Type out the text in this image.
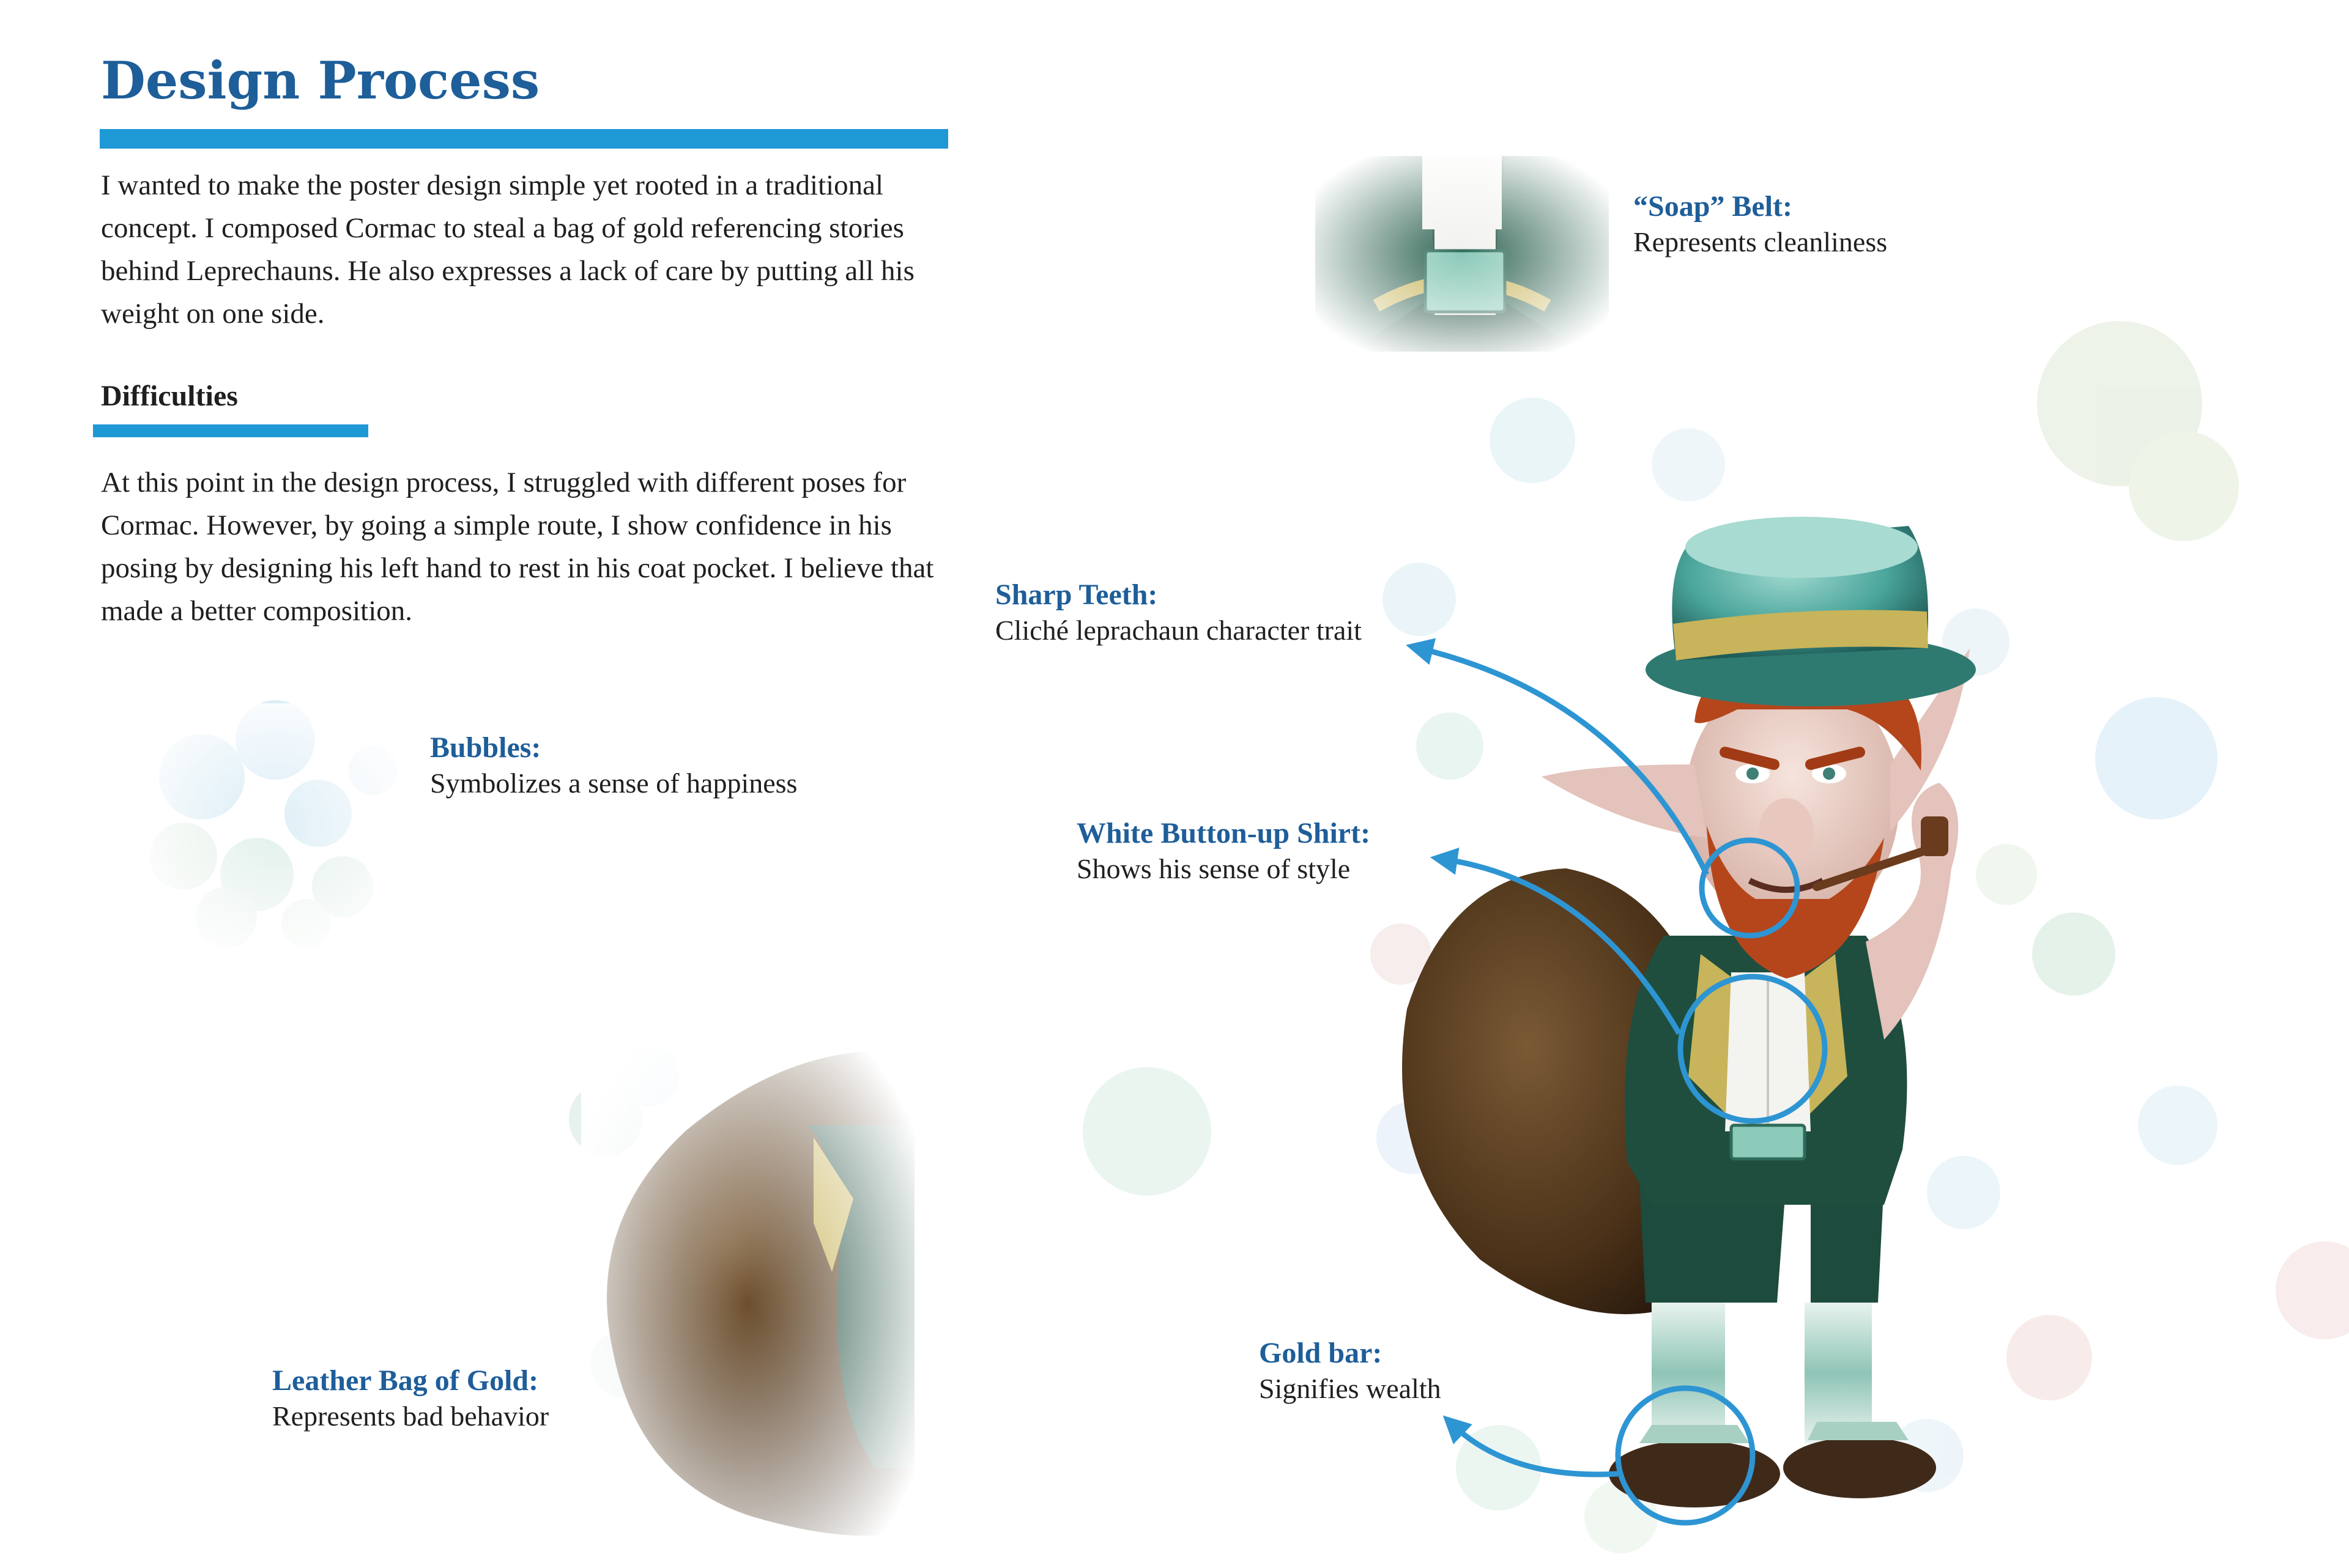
Design Process

I wanted to make the poster design simple yet rooted in a traditional concept. I composed Cormac to steal a bag of gold referencing stories behind Leprechauns. He also expresses a lack of care by putting all his weight on one side.

Difficulties

At this point in the design process, I struggled with different poses for Cormac. However, by going a simple route, I show confidence in his posing by designing his left hand to rest in his coat pocket. I believe that made a better composition.

“Soap” Belt:
Represents cleanliness
Bubbles:
Symbolizes a sense of happiness
Sharp Teeth:
Cliché leprachaun character trait
White Button-up Shirt:
Shows his sense of style
Leather Bag of Gold:
Represents bad behavior
Gold bar:
Signifies wealth
